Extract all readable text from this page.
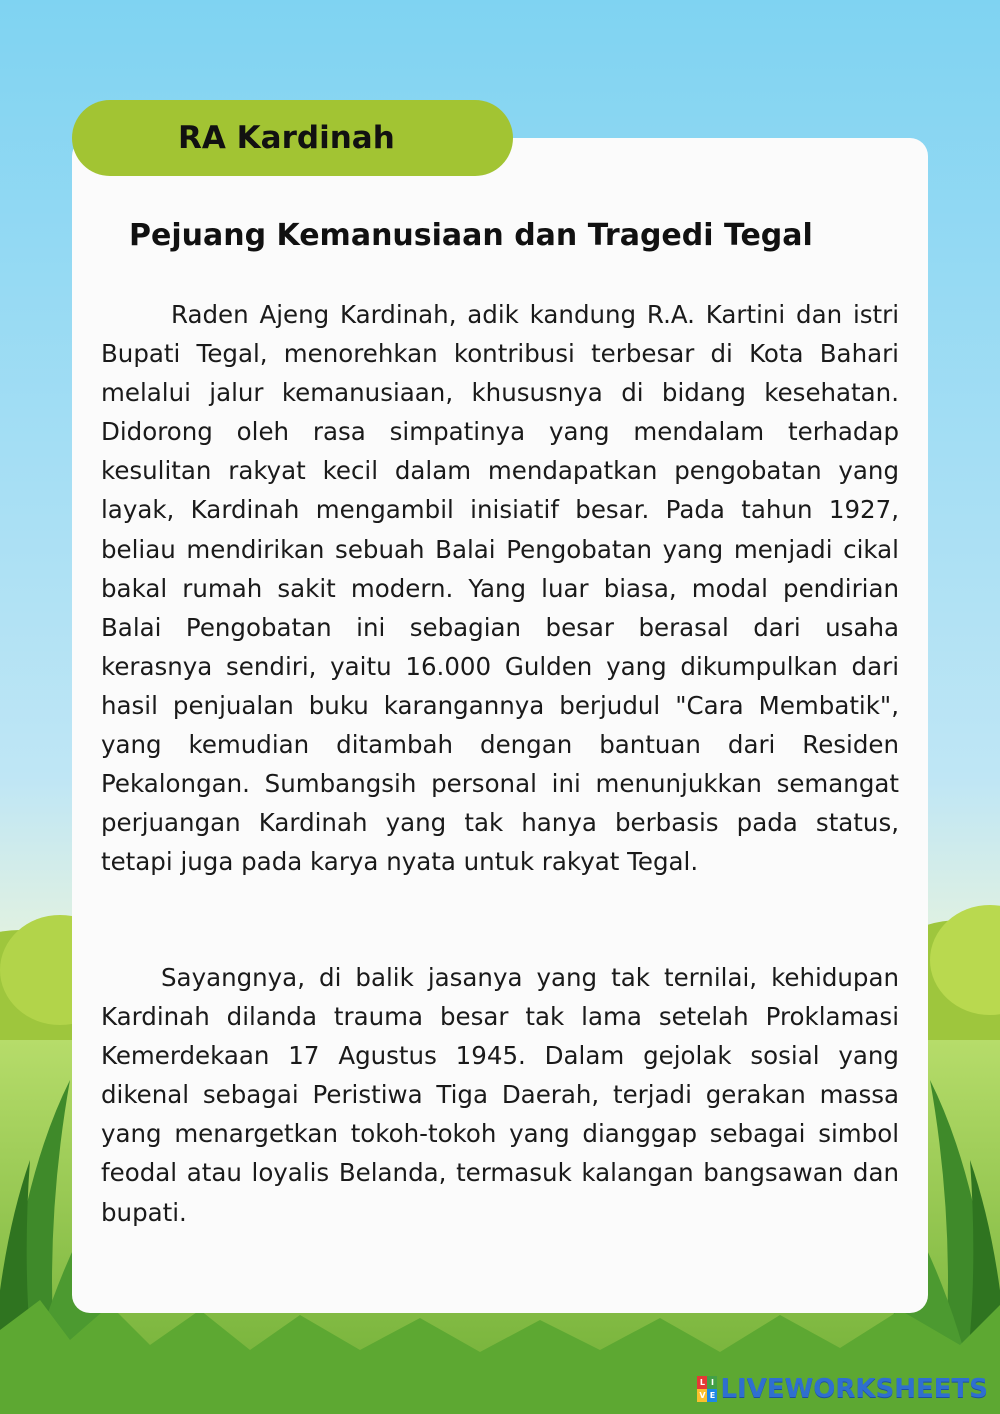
RA Kardinah
Pejuang Kemanusiaan dan Tragedi Tegal

Raden Ajeng Kardinah, adik kandung R.A. Kartini dan istri Bupati Tegal, menorehkan kontribusi terbesar di Kota Bahari melalui jalur kemanusiaan, khususnya di bidang kesehatan. Didorong oleh rasa simpatinya yang mendalam terhadap kesulitan rakyat kecil dalam mendapatkan pengobatan yang layak, Kardinah mengambil inisiatif besar. Pada tahun 1927, beliau mendirikan sebuah Balai Pengobatan yang menjadi cikal bakal rumah sakit modern. Yang luar biasa, modal pendirian Balai Pengobatan ini sebagian besar berasal dari usaha kerasnya sendiri, yaitu 16.000 Gulden yang dikumpulkan dari hasil penjualan buku karangannya berjudul "Cara Membatik", yang kemudian ditambah dengan bantuan dari Residen Pekalongan. Sumbangsih personal ini menunjukkan semangat perjuangan Kardinah yang tak hanya berbasis pada status, tetapi juga pada karya nyata untuk rakyat Tegal.

Sayangnya, di balik jasanya yang tak ternilai, kehidupan Kardinah dilanda trauma besar tak lama setelah Proklamasi Kemerdekaan 17 Agustus 1945. Dalam gejolak sosial yang dikenal sebagai Peristiwa Tiga Daerah, terjadi gerakan massa yang menargetkan tokoh-tokoh yang dianggap sebagai simbol feodal atau loyalis Belanda, termasuk kalangan bangsawan dan bupati.

L I
V E LIVEWORKSHEETS
